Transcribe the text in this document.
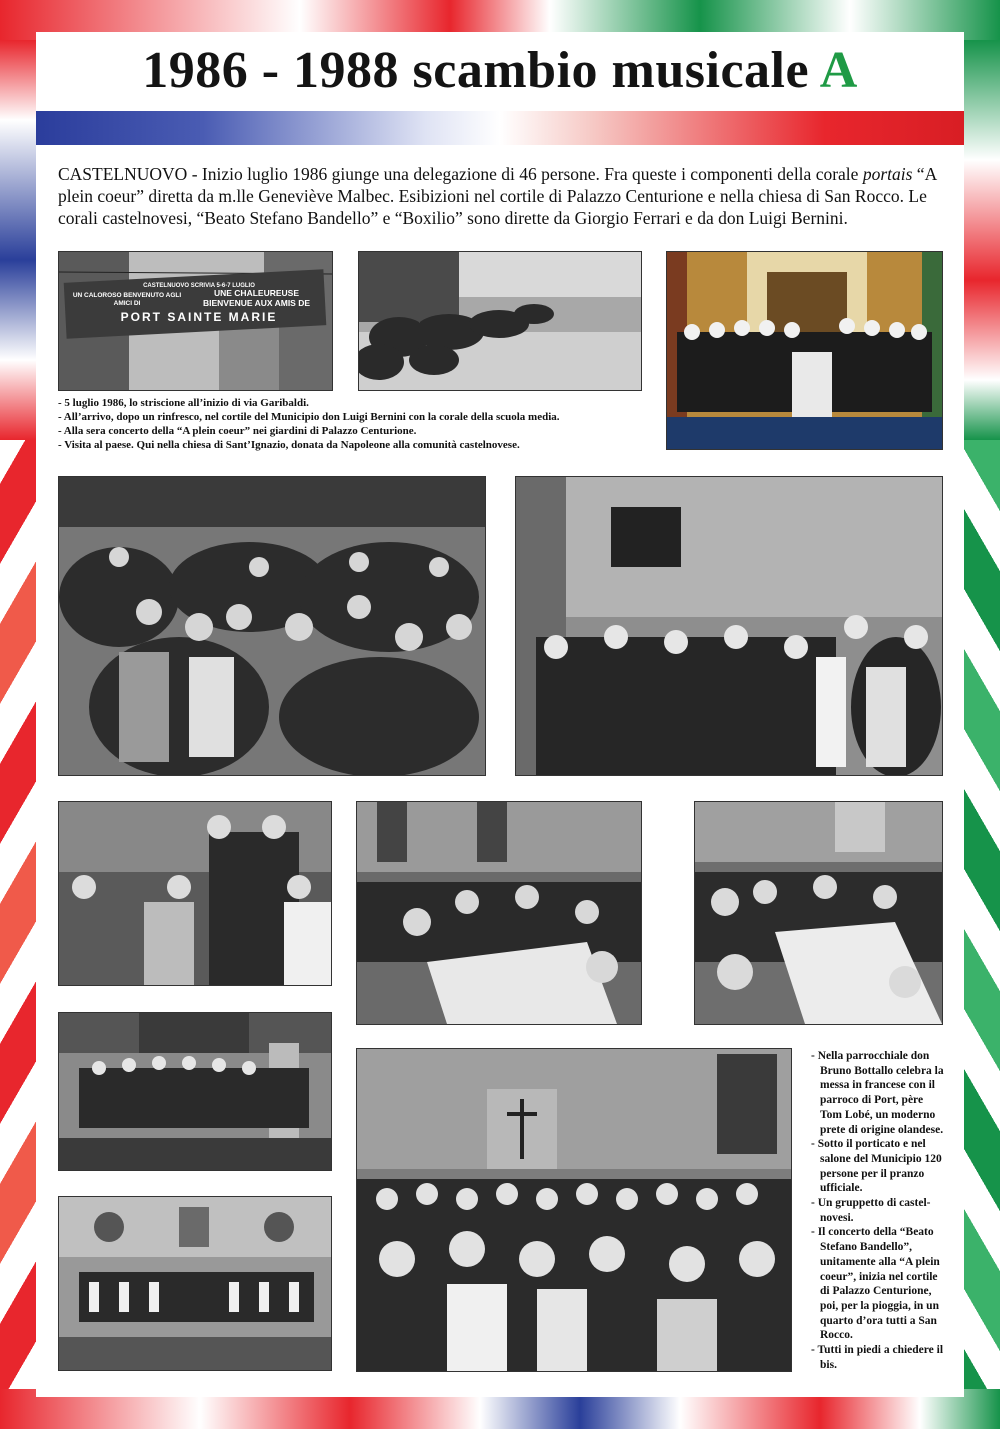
1986 - 1988 scambio musicale A
CASTELNUOVO - Inizio luglio 1986 giunge una delegazione di 46 persone. Fra queste i componenti della corale portais “A plein coeur” diretta da m.lle Geneviève Malbec. Esibizioni nel cortile di Palazzo Centurione e nella chiesa di San Rocco. Le corali castelnovesi, “Beato Stefano Bandello” e “Boxilio” sono dirette da Giorgio Ferrari e da don Luigi Bernini.
CASTELNUOVO SCRIVIA 5-6-7 LUGLIO
UN CALOROSO BENVENUTO AGLI AMICI DI
UNE CHALEUREUSE BIENVENUE AUX AMIS DE
PORT SAINTE MARIE
- 5 luglio 1986, lo striscione all’inizio di via Garibaldi.
- All’arrivo, dopo un rinfresco, nel cortile del Municipio don Luigi Bernini con la corale della scuola media.
- Alla sera concerto della “A plein coeur” nei giardini di Palazzo Centurione.
- Visita al paese. Qui nella chiesa di Sant’Ignazio, donata da Napoleone alla comunità castelnovese.
- Nella parrocchiale don Bruno Bottallo celebra la messa in francese con il parroco di Port, père Tom Lobé, un moderno prete di origine olandese.
- Sotto il porticato e nel salone del Municipio 120 persone per il pranzo ufficiale.
- Un gruppetto di castel-novesi.
- Il concerto della “Beato Stefano Bandello”, unitamente alla “A plein coeur”, inizia nel cortile di Palazzo Centurione, poi, per la pioggia, in un quarto d’ora tutti a San Rocco.
- Tutti in piedi a chiedere il bis.
